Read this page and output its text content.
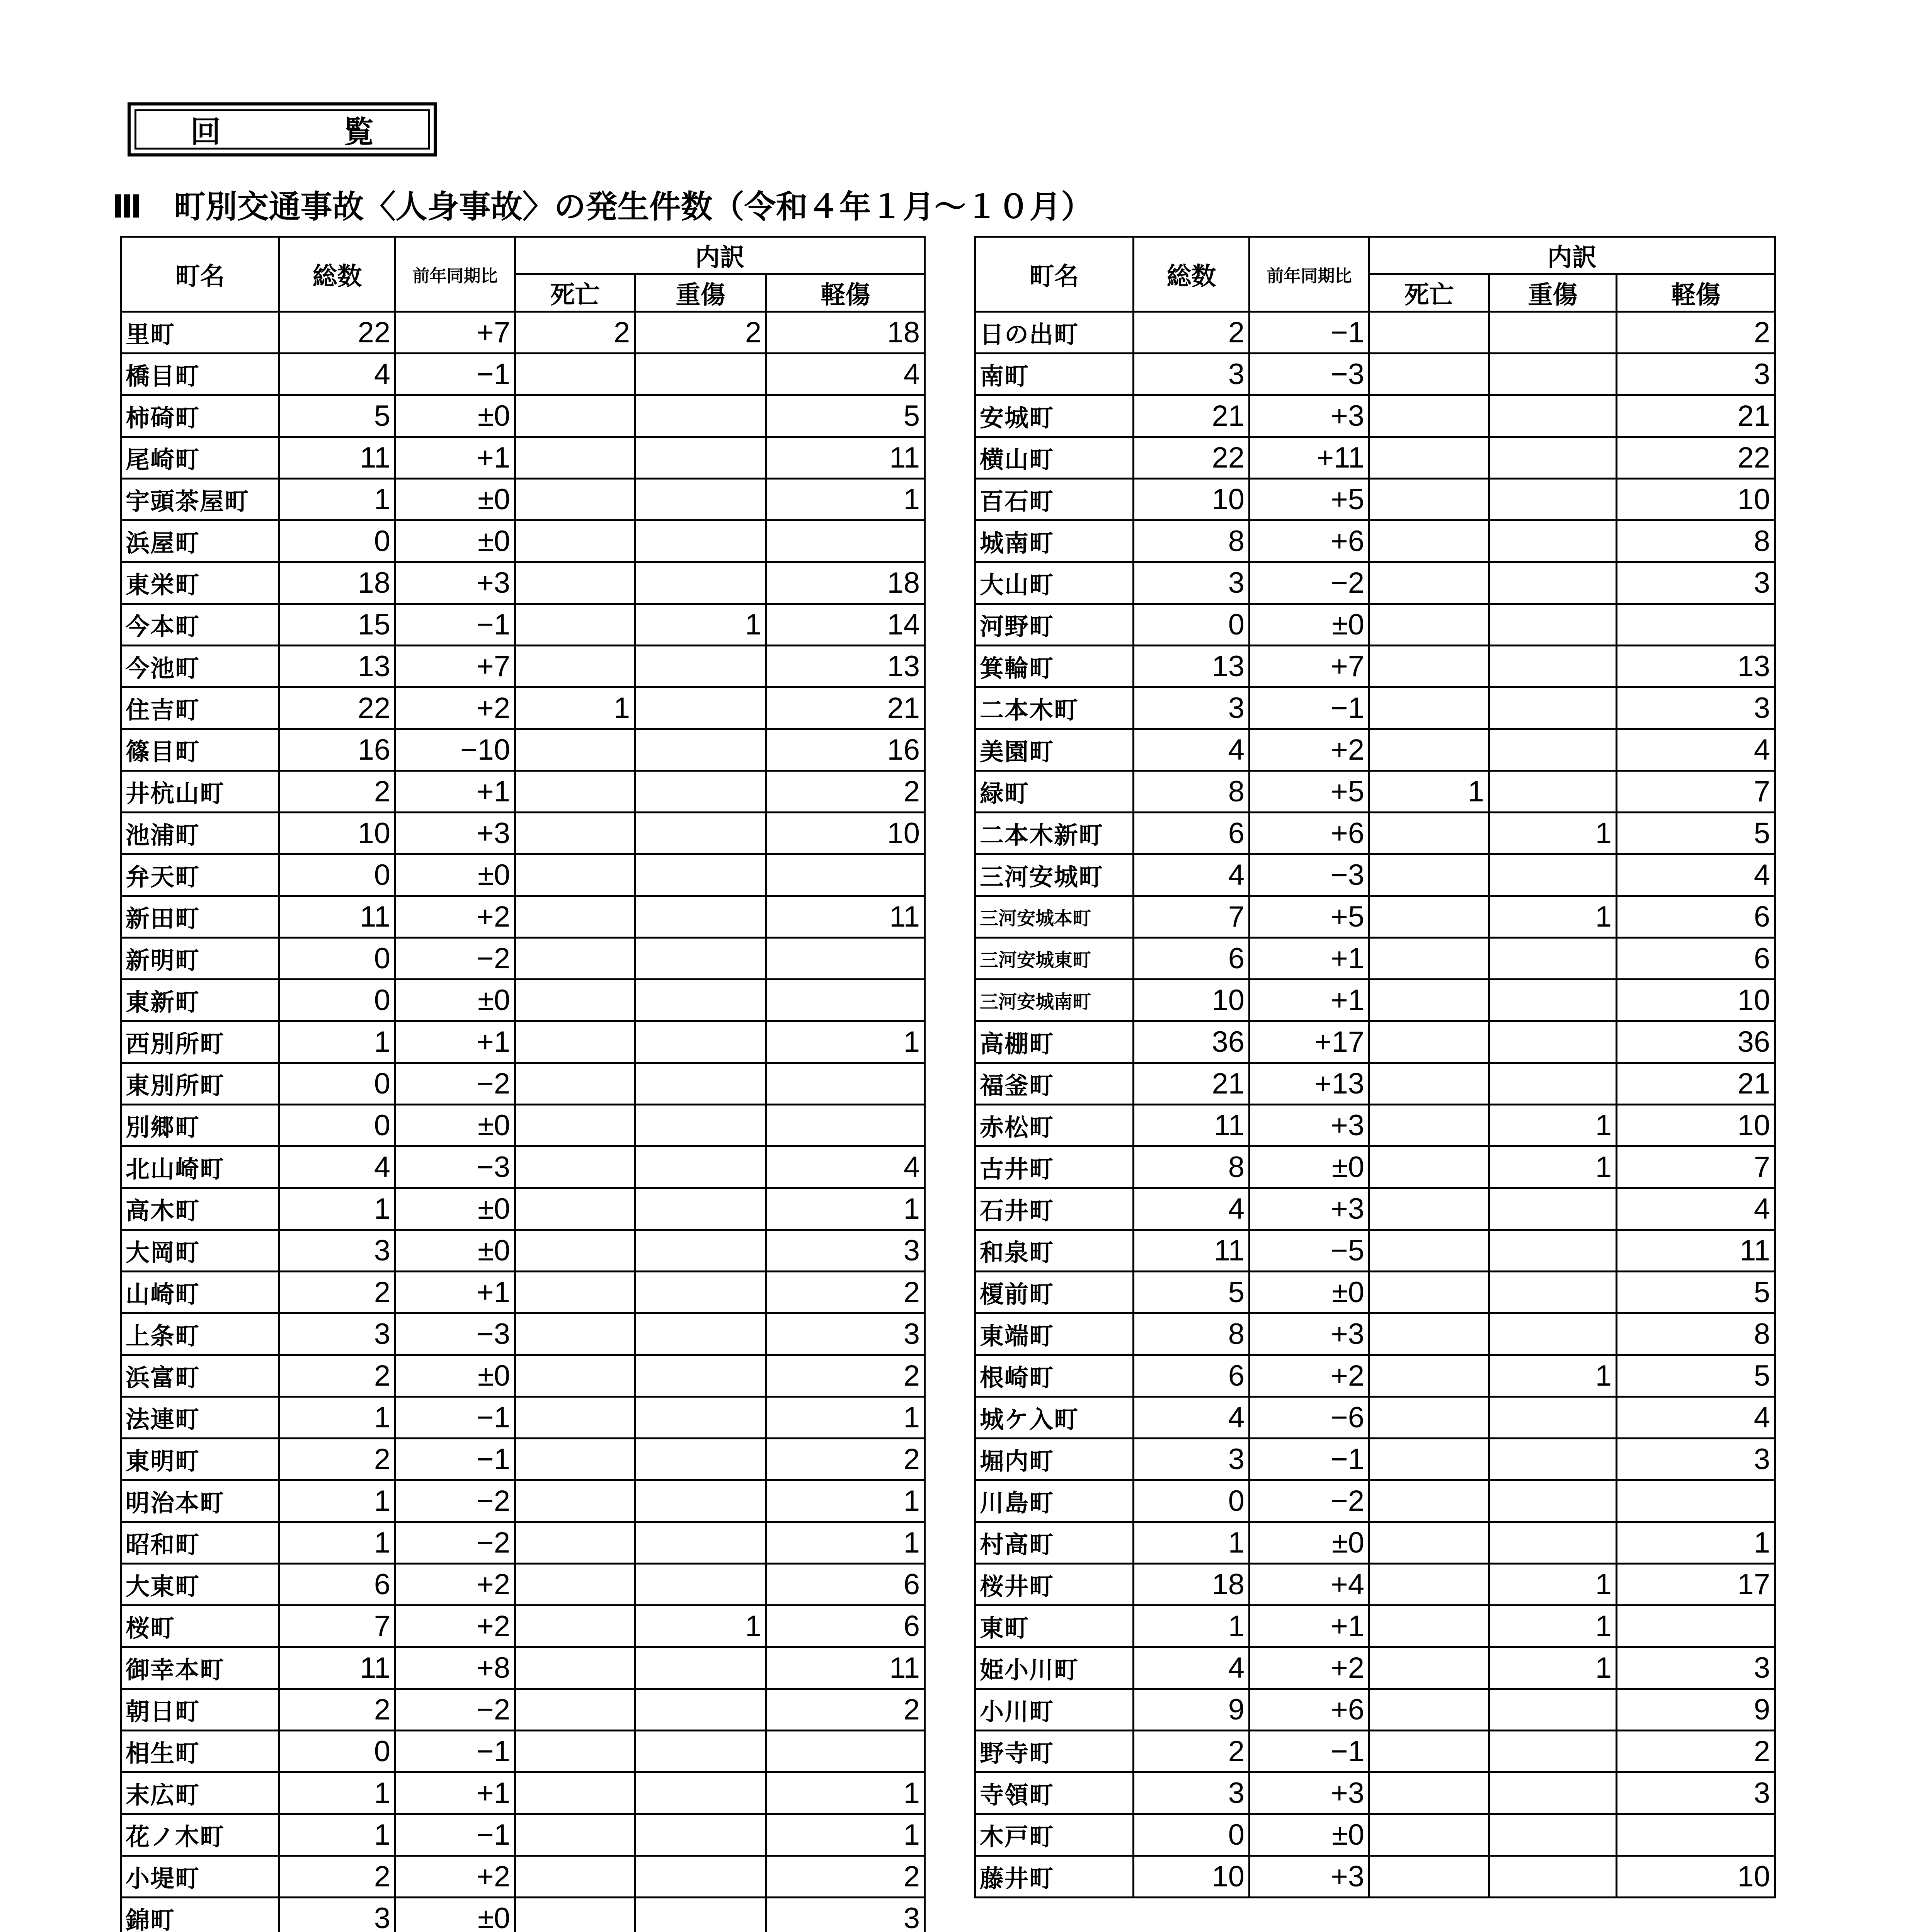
回　覧
Ⅲ　町別交通事故〈人身事故〉の発生件数（令和４年１月～１０月）
町名	総数	前年同期比	内訳		
			死亡	重傷	軽傷
里町	22	+7	2	2	18
橋目町	4	−1			4
柿碕町	5	±0			5
尾崎町	11	+1			11
宇頭茶屋町	1	±0			1
浜屋町	0	±0			
東栄町	18	+3			18
今本町	15	−1		1	14
今池町	13	+7			13
住吉町	22	+2	1		21
篠目町	16	−10			16
井杭山町	2	+1			2
池浦町	10	+3			10
弁天町	0	±0			
新田町	11	+2			11
新明町	0	−2			
東新町	0	±0			
西別所町	1	+1			1
東別所町	0	−2			
別郷町	0	±0			
北山崎町	4	−3			4
高木町	1	±0			1
大岡町	3	±0			3
山崎町	2	+1			2
上条町	3	−3			3
浜富町	2	±0			2
法連町	1	−1			1
東明町	2	−1			2
明治本町	1	−2			1
昭和町	1	−2			1
大東町	6	+2			6
桜町	7	+2		1	6
御幸本町	11	+8			11
朝日町	2	−2			2
相生町	0	−1			
末広町	1	+1			1
花ノ木町	1	−1			1
小堤町	2	+2			2
錦町	3	±0			3
町名	総数	前年同期比	内訳		
			死亡	重傷	軽傷
日の出町	2	−1			2
南町	3	−3			3
安城町	21	+3			21
横山町	22	+11			22
百石町	10	+5			10
城南町	8	+6			8
大山町	3	−2			3
河野町	0	±0			
箕輪町	13	+7			13
二本木町	3	−1			3
美園町	4	+2			4
緑町	8	+5	1		7
二本木新町	6	+6		1	5
三河安城町	4	−3			4
三河安城本町	7	+5		1	6
三河安城東町	6	+1			6
三河安城南町	10	+1			10
高棚町	36	+17			36
福釜町	21	+13			21
赤松町	11	+3		1	10
古井町	8	±0		1	7
石井町	4	+3			4
和泉町	11	−5			11
榎前町	5	±0			5
東端町	8	+3			8
根崎町	6	+2		1	5
城ケ入町	4	−6			4
堀内町	3	−1			3
川島町	0	−2			
村高町	1	±0			1
桜井町	18	+4		1	17
東町	1	+1		1	
姫小川町	4	+2		1	3
小川町	9	+6			9
野寺町	2	−1			2
寺領町	3	+3			3
木戸町	0	±0			
藤井町	10	+3			10
